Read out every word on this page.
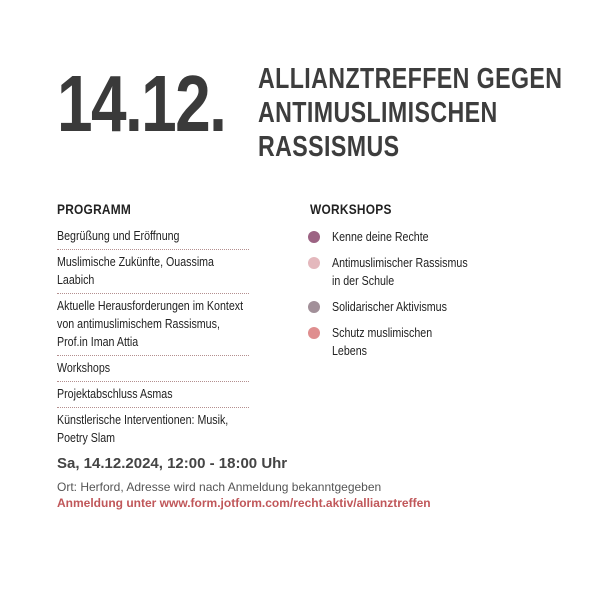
14.12. ALLIANZTREFFEN GEGEN
ANTIMUSLIMISCHEN
RASSISMUS
PROGRAMM
Begrüßung und Eröffnung
Muslimische Zukünfte, Ouassima Laabich
Aktuelle Herausforderungen im Kontext von antimuslimischem Rassismus, Prof.in Iman Attia
Workshops
Projektabschluss Asmas
Künstlerische Interventionen: Musik, Poetry Slam
WORKSHOPS
Kenne deine Rechte
Antimuslimischer Rassismus in der Schule
Solidarischer Aktivismus
Schutz muslimischen Lebens
Sa, 14.12.2024, 12:00 - 18:00 Uhr
Ort: Herford, Adresse wird nach Anmeldung bekanntgegeben
Anmeldung unter www.form.jotform.com/recht.aktiv/allianztreffen
